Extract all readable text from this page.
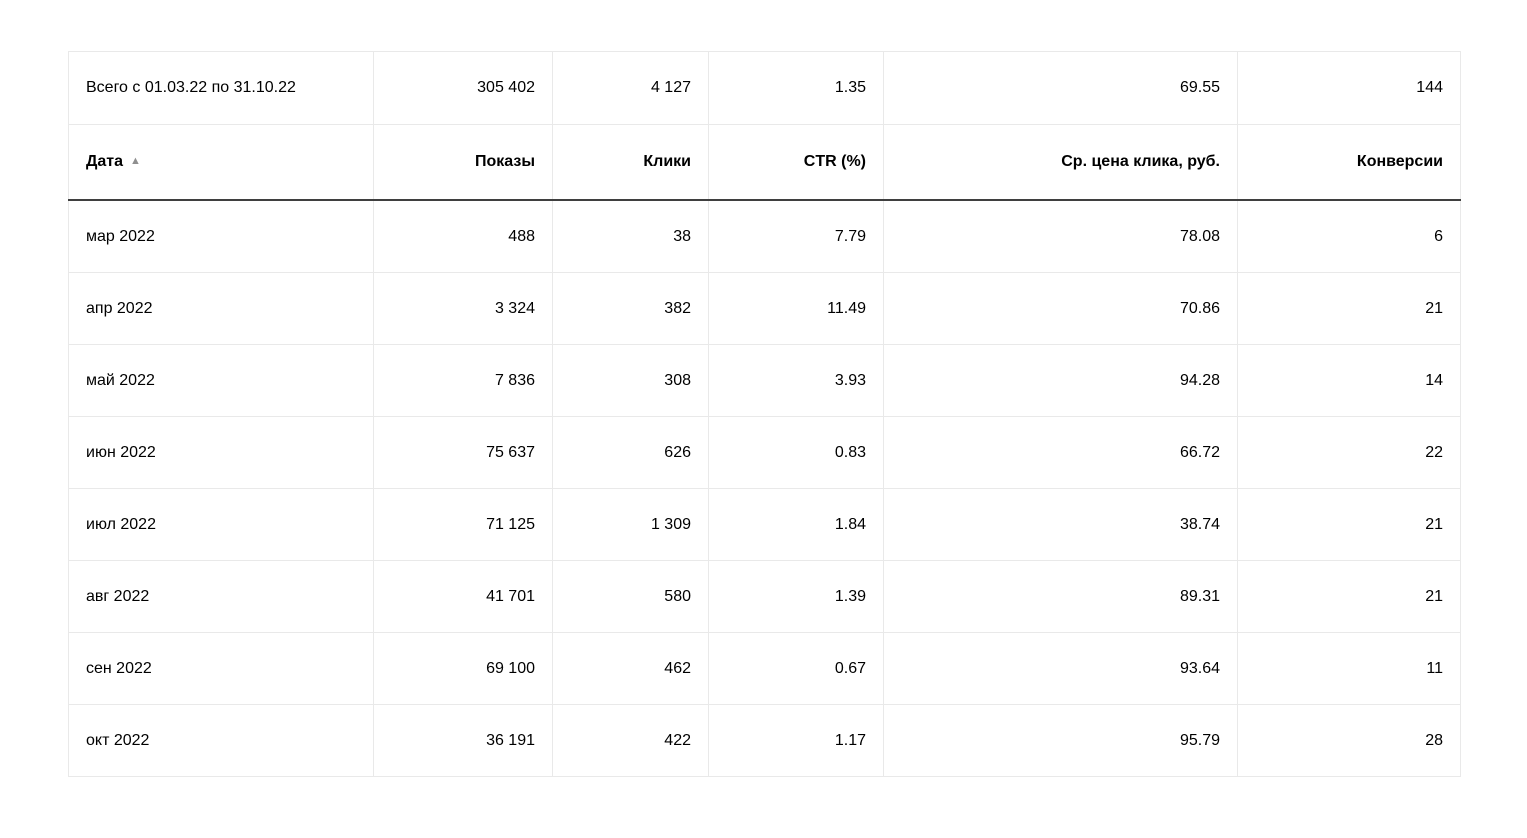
Всего с 01.03.22 по 31.10.22	305 402	4 127	1.35	69.55	144
Дата ▲	Показы	Клики	CTR (%)	Ср. цена клика, руб.	Конверсии
мар 2022	488	38	7.79	78.08	6
апр 2022	3 324	382	11.49	70.86	21
май 2022	7 836	308	3.93	94.28	14
июн 2022	75 637	626	0.83	66.72	22
июл 2022	71 125	1 309	1.84	38.74	21
авг 2022	41 701	580	1.39	89.31	21
сен 2022	69 100	462	0.67	93.64	11
окт 2022	36 191	422	1.17	95.79	28
